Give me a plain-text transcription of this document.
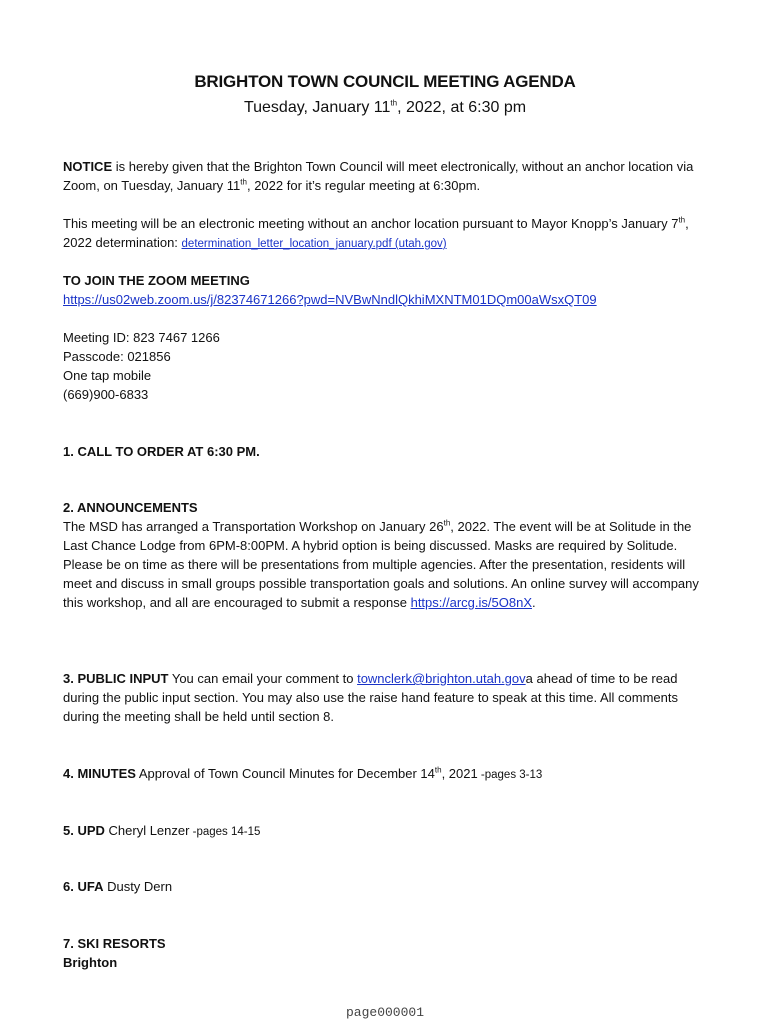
BRIGHTON TOWN COUNCIL MEETING AGENDA
Tuesday, January 11th, 2022, at 6:30 pm
NOTICE is hereby given that the Brighton Town Council will meet electronically, without an anchor location via Zoom, on Tuesday, January 11th, 2022 for it’s regular meeting at 6:30pm.
This meeting will be an electronic meeting without an anchor location pursuant to Mayor Knopp’s January 7th, 2022 determination: determination_letter_location_january.pdf (utah.gov)
TO JOIN THE ZOOM MEETING
https://us02web.zoom.us/j/82374671266?pwd=NVBwNndlQkhiMXNTM01DQm00aWsxQT09
Meeting ID: 823 7467 1266
Passcode: 021856
One tap mobile
(669)900-6833
1. CALL TO ORDER AT 6:30 PM.
2. ANNOUNCEMENTS
The MSD has arranged a Transportation Workshop on January 26th, 2022. The event will be at Solitude in the Last Chance Lodge from 6PM-8:00PM. A hybrid option is being discussed. Masks are required by Solitude. Please be on time as there will be presentations from multiple agencies. After the presentation, residents will meet and discuss in small groups possible transportation goals and solutions. An online survey will accompany this workshop, and all are encouraged to submit a response https://arcg.is/5O8nX.
3. PUBLIC INPUT You can email your comment to townclerk@brighton.utah.gova ahead of time to be read during the public input section. You may also use the raise hand feature to speak at this time. All comments during the meeting shall be held until section 8.
4. MINUTES Approval of Town Council Minutes for December 14th, 2021 -pages 3-13
5. UPD Cheryl Lenzer -pages 14-15
6. UFA Dusty Dern
7. SKI RESORTS
Brighton
page000001
